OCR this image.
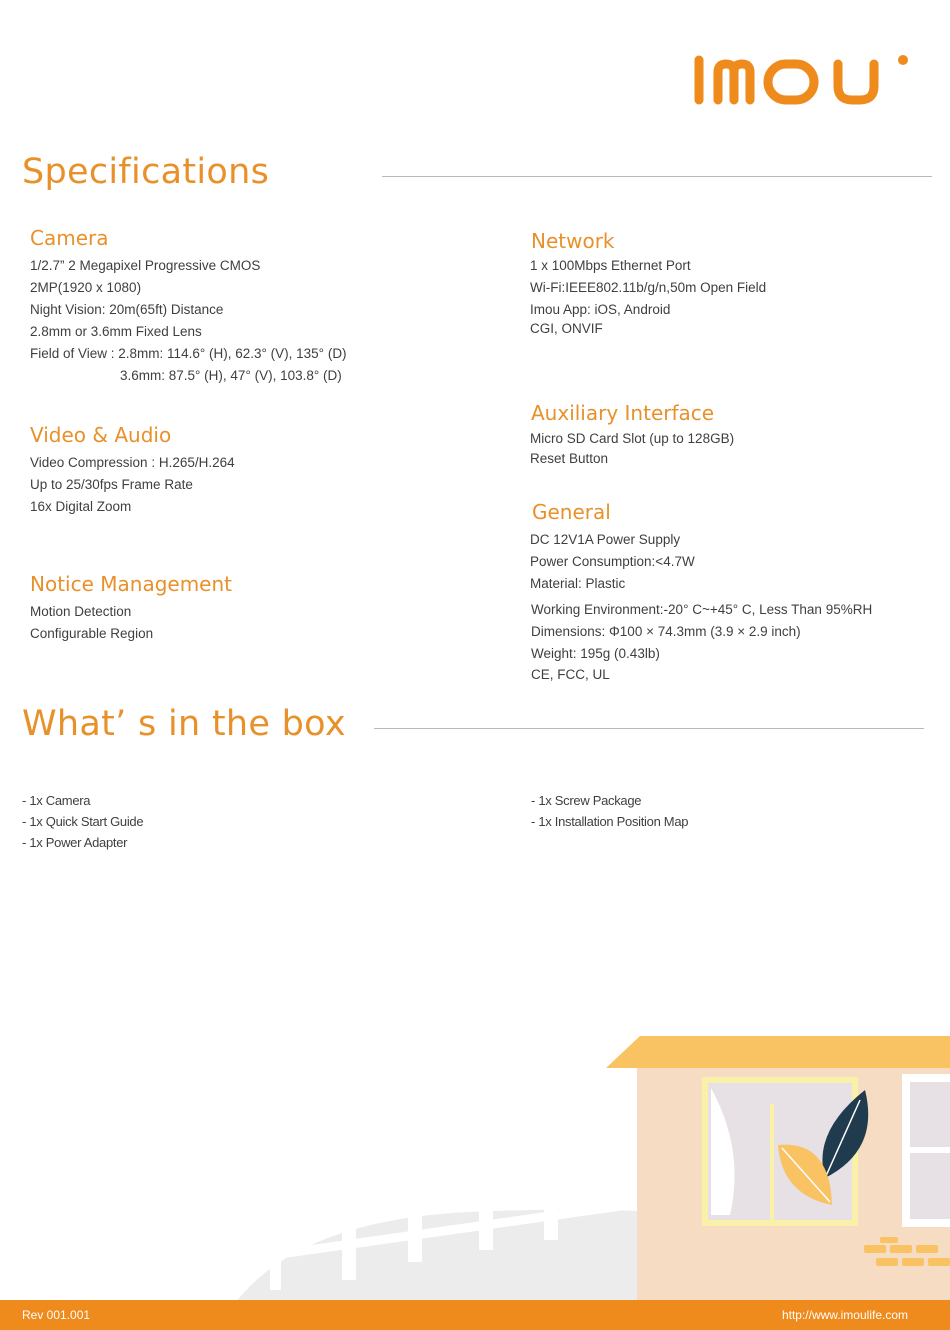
Specifications
Camera
1/2.7” 2 Megapixel Progressive CMOS
2MP(1920 x 1080)
Night Vision: 20m(65ft) Distance
2.8mm or 3.6mm Fixed Lens
Field of View : 2.8mm: 114.6° (H), 62.3° (V), 135° (D)
3.6mm: 87.5° (H), 47° (V), 103.8° (D)
Video & Audio
Video Compression : H.265/H.264
Up to 25/30fps Frame Rate
16x Digital Zoom
Notice Management
Motion Detection
Configurable Region
Network
1 x 100Mbps Ethernet Port
Wi-Fi:IEEE802.11b/g/n,50m Open Field
Imou App: iOS, Android
CGI, ONVIF
Auxiliary Interface
Micro SD Card Slot (up to 128GB)
Reset Button
General
DC 12V1A Power Supply
Power Consumption:<4.7W
Material: Plastic
Working Environment:-20° C~+45° C, Less Than 95%RH
Dimensions: Φ100 × 74.3mm (3.9 × 2.9 inch)
Weight: 195g (0.43lb)
CE, FCC, UL
What’ s in the box
- 1x Camera
- 1x Quick Start Guide
- 1x Power Adapter
- 1x Screw Package
- 1x Installation Position Map
Rev 001.001	http://www.imoulife.com
